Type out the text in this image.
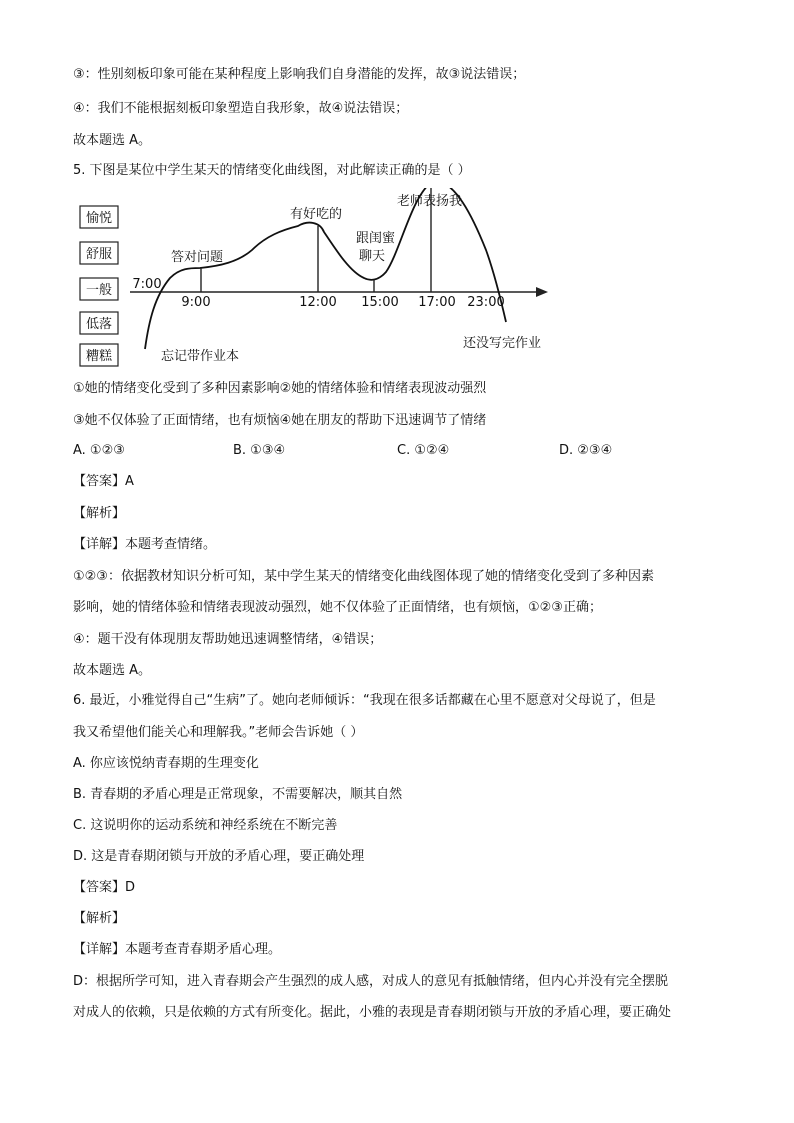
③：性别刻板印象可能在某种程度上影响我们自身潜能的发挥，故③说法错误；
④：我们不能根据刻板印象塑造自我形象，故④说法错误；
故本题选 A。
5. 下图是某位中学生某天的情绪变化曲线图，对此解读正确的是（ ）
愉悦
舒服
一般
低落
糟糕
7:00
9:00	12:00 15:00 17:00 23:00
忘记带作业本
答对问题
有好吃的
跟闺蜜
聊天
老师表扬我
还没写完作业
①她的情绪变化受到了多种因素影响②她的情绪体验和情绪表现波动强烈
③她不仅体验了正面情绪，也有烦恼④她在朋友的帮助下迅速调节了情绪
A. ①②③	B. ①③④	C. ①②④	D. ②③④
【答案】A
【解析】
【详解】本题考查情绪。
①②③：依据教材知识分析可知，某中学生某天的情绪变化曲线图体现了她的情绪变化受到了多种因素
影响，她的情绪体验和情绪表现波动强烈，她不仅体验了正面情绪，也有烦恼，①②③正确；
④：题干没有体现朋友帮助她迅速调整情绪，④错误；
故本题选 A。
6. 最近，小雅觉得自己“生病”了。她向老师倾诉：“我现在很多话都藏在心里不愿意对父母说了，但是
我又希望他们能关心和理解我。”老师会告诉她（ ）
A. 你应该悦纳青春期的生理变化
B. 青春期的矛盾心理是正常现象，不需要解决，顺其自然
C. 这说明你的运动系统和神经系统在不断完善
D. 这是青春期闭锁与开放的矛盾心理，要正确处理
【答案】D
【解析】
【详解】本题考查青春期矛盾心理。
D：根据所学可知，进入青春期会产生强烈的成人感，对成人的意见有抵触情绪，但内心并没有完全摆脱
对成人的依赖，只是依赖的方式有所变化。据此，小雅的表现是青春期闭锁与开放的矛盾心理，要正确处
